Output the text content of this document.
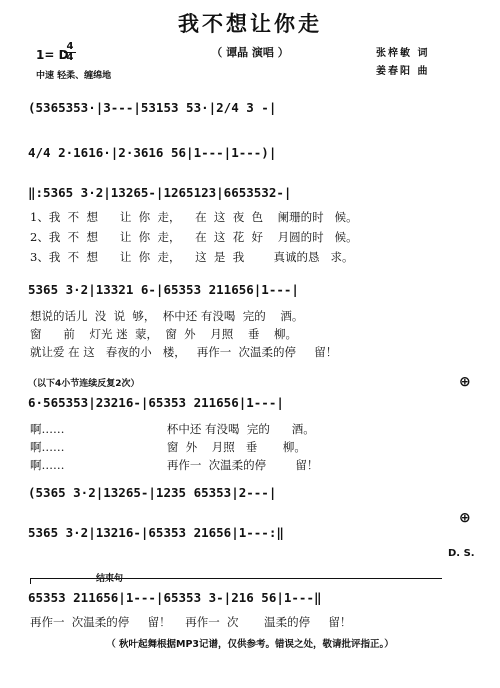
我不想让你走
（ 谭晶 演唱 ）
1= D
4
4
中速 轻柔、缠绵地
张梓敏 词
姜春阳 曲
(5365353·|3---|53153 53·|2/4 3 -|
4/4 2·1616·|2·3616 56|1---|1---)|
‖:5365 3·2|13265-|1265123|6653532-|
1、我  不  想      让  你  走，    在  这  夜  色    阑珊的时   候。
2、我  不  想      让  你  走，    在  这  花  好    月圆的时   候。
3、我  不  想      让  你  走，    这  是  我        真诚的恳   求。
5365 3·2|13321 6-|65353 211656|1---|
想说的话儿  没  说  够，  杯中还 有没喝  完的    酒。
窗      前    灯光 迷  蒙，  窗  外    月照    垂    柳。
就让爱 在 这   春夜的小   楼，   再作一  次温柔的停     留！
（以下4小节连续反复2次）	⊕
6·565353|23216-|65353 211656|1---|
啊……                            杯中还 有没喝  完的      酒。
啊……                            窗  外    月照   垂       柳。
啊……                            再作一  次温柔的停        留！
(5365 3·2|13265-|1235 65353|2---|
⊕
5365 3·2|13216-|65353 21656|1---:‖
D. S.
结束句
65353 211656|1---|65353 3-|216 56|1---‖
再作一  次温柔的停     留！    再作一  次       温柔的停     留！
（ 秋叶起舞根据MP3记谱，仅供参考。错误之处，敬请批评指正。）
